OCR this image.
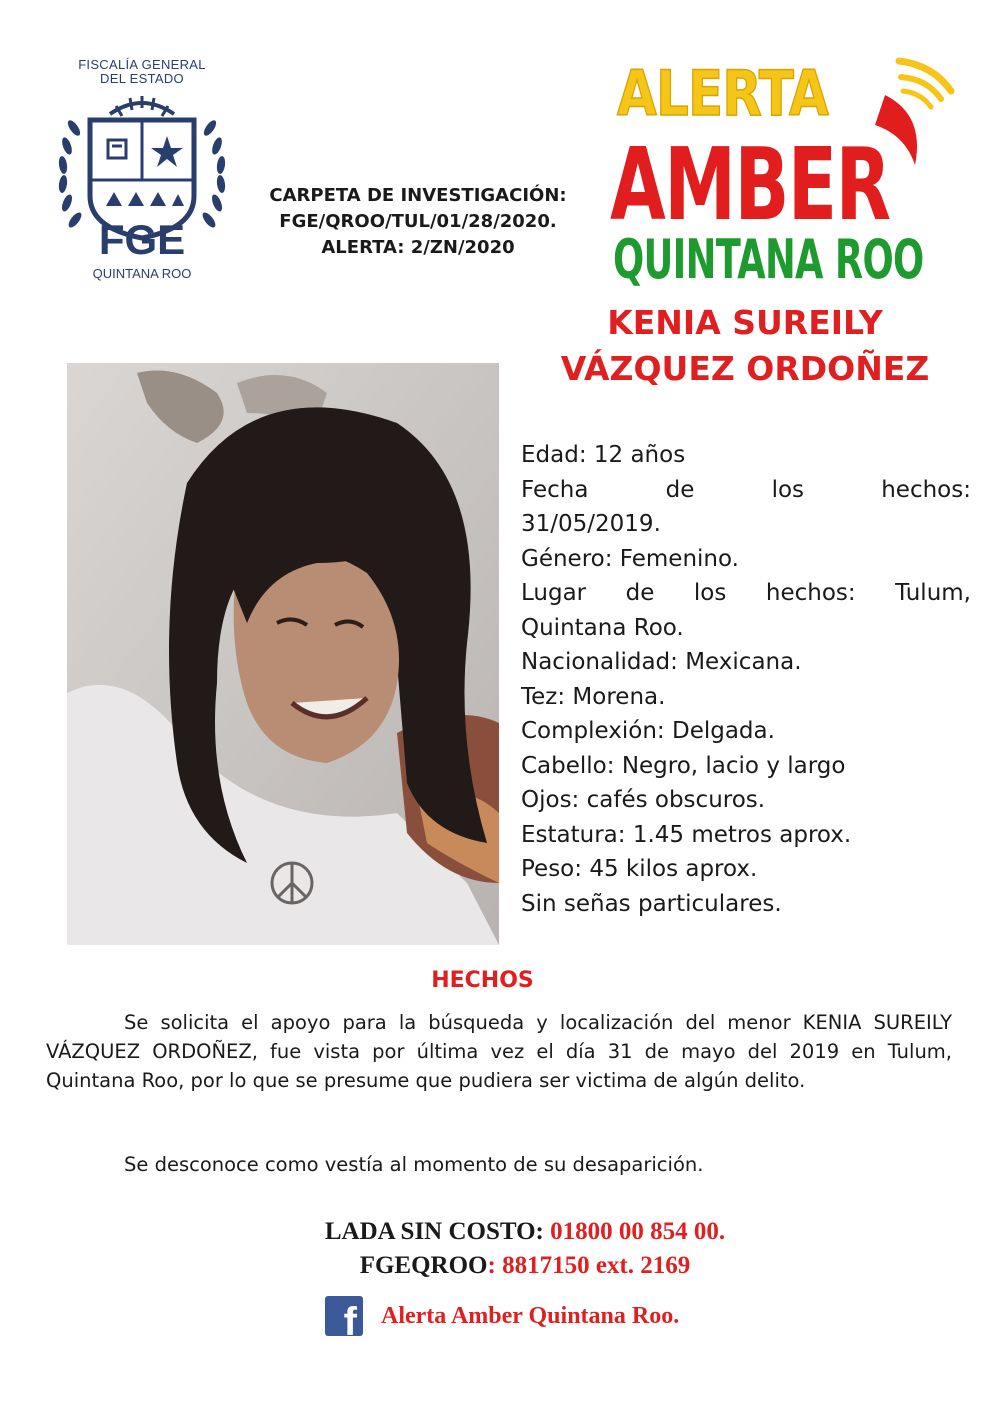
FISCALÍA GENERAL
DEL ESTADO
FGE
QUINTANA ROO
CARPETA DE INVESTIGACIÓN:
FGE/QROO/TUL/01/28/2020.
ALERTA: 2/ZN/2020
ALERTA
AMBER
QUINTANA ROO
KENIA SUREILY
VÁZQUEZ ORDOÑEZ
Edad: 12 años
Fecha	de	los	hechos:
31/05/2019.
Género: Femenino.
Lugar de los hechos: Tulum,
Quintana Roo.
Nacionalidad: Mexicana.
Tez: Morena.
Complexión: Delgada.
Cabello: Negro, lacio y largo
Ojos: cafés obscuros.
Estatura: 1.45 metros aprox.
Peso: 45 kilos aprox.
Sin señas particulares.
HECHOS

Se solicita el apoyo para la búsqueda y localización del menor KENIA SUREILY VÁZQUEZ ORDOÑEZ, fue vista por última vez el día 31 de mayo del 2019 en Tulum, Quintana Roo, por lo que se presume que pudiera ser victima de algún delito.

Se desconoce como vestía al momento de su desaparición.

LADA SIN COSTO: 01800 00 854 00.
FGEQROO: 8817150 ext. 2169
f Alerta Amber Quintana Roo.
